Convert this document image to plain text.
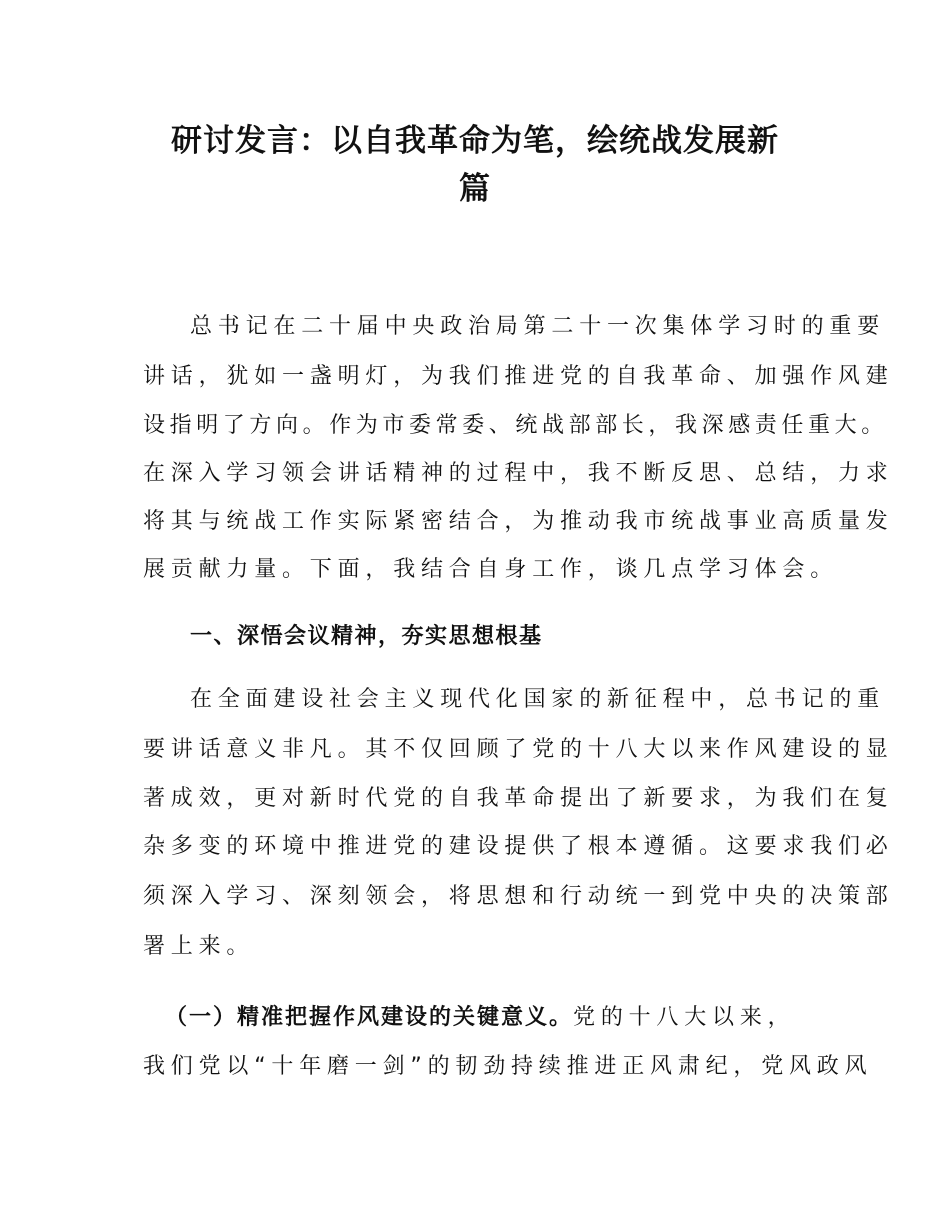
研讨发言：以自我革命为笔，绘统战发展新
篇
总书记在二十届中央政治局第二十一次集体学习时的重要
讲话，犹如一盏明灯，为我们推进党的自我革命、加强作风建
设指明了方向。作为市委常委、统战部部长，我深感责任重大。
在深入学习领会讲话精神的过程中，我不断反思、总结，力求
将其与统战工作实际紧密结合，为推动我市统战事业高质量发
展贡献力量。下面，我结合自身工作，谈几点学习体会。
一、深悟会议精神，夯实思想根基
在全面建设社会主义现代化国家的新征程中，总书记的重
要讲话意义非凡。其不仅回顾了党的十八大以来作风建设的显
著成效，更对新时代党的自我革命提出了新要求，为我们在复
杂多变的环境中推进党的建设提供了根本遵循。这要求我们必
须深入学习、深刻领会，将思想和行动统一到党中央的决策部
署上来。
（一）精准把握作风建设的关键意义。党的十八大以来，
我们党以“十年磨一剑”的韧劲持续推进正风肃纪，党风政风
